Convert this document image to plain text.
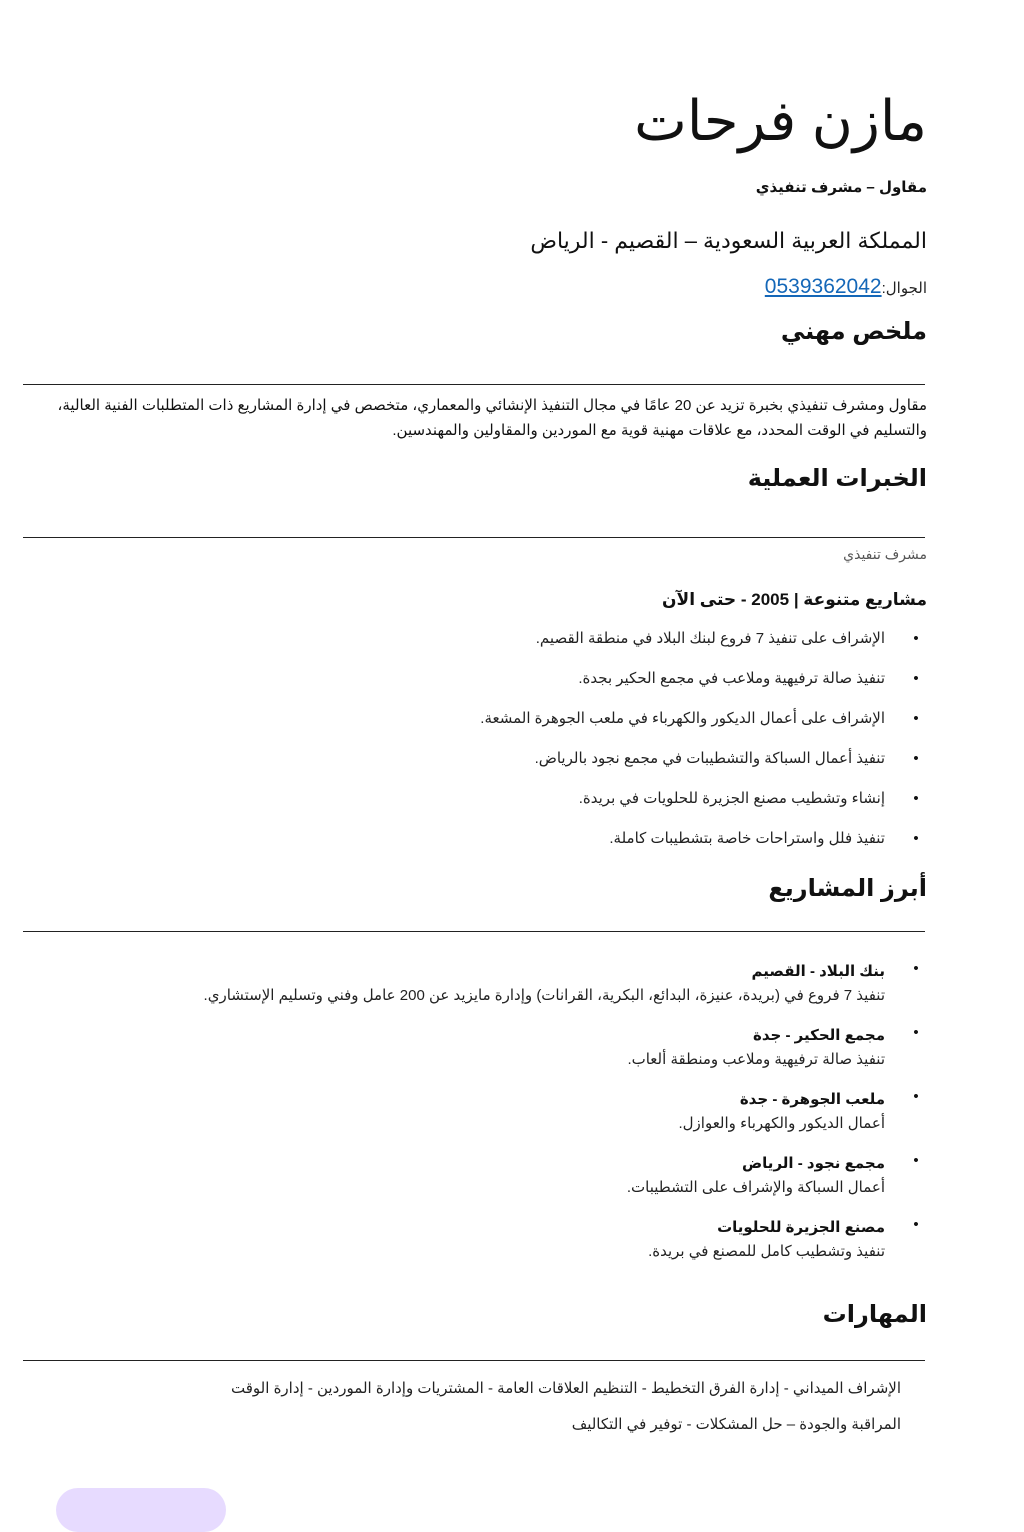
مازن فرحات
مقاول – مشرف تنفيذي
المملكة العربية السعودية – القصيم - الرياض
الجوال:0539362042
ملخص مهني
مقاول ومشرف تنفيذي بخبرة تزيد عن 20 عامًا في مجال التنفيذ الإنشائي والمعماري، متخصص في إدارة المشاريع ذات المتطلبات الفنية العالية، والتسليم في الوقت المحدد، مع علاقات مهنية قوية مع الموردين والمقاولين والمهندسين.
الخبرات العملية
مشرف تنفيذي
مشاريع متنوعة | 2005 - حتى الآن
• الإشراف على تنفيذ 7 فروع لبنك البلاد في منطقة القصيم.
• تنفيذ صالة ترفيهية وملاعب في مجمع الحكير بجدة.
• الإشراف على أعمال الديكور والكهرباء في ملعب الجوهرة المشعة.
• تنفيذ أعمال السباكة والتشطيبات في مجمع نجود بالرياض.
• إنشاء وتشطيب مصنع الجزيرة للحلويات في بريدة.
• تنفيذ فلل واستراحات خاصة بتشطيبات كاملة.
أبرز المشاريع
• بنك البلاد - القصيم
تنفيذ 7 فروع في (بريدة، عنيزة، البدائع، البكرية، القرانات) وإدارة مايزيد عن 200 عامل وفني وتسليم الإستشاري.
• مجمع الحكير - جدة
تنفيذ صالة ترفيهية وملاعب ومنطقة ألعاب.
• ملعب الجوهرة - جدة
أعمال الديكور والكهرباء والعوازل.
• مجمع نجود - الرياض
أعمال السباكة والإشراف على التشطيبات.
• مصنع الجزيرة للحلويات
تنفيذ وتشطيب كامل للمصنع في بريدة.
المهارات
الإشراف الميداني - إدارة الفرق التخطيط - التنظيم العلاقات العامة - المشتريات وإدارة الموردين - إدارة الوقت
المراقبة والجودة – حل المشكلات - توفير في التكاليف
